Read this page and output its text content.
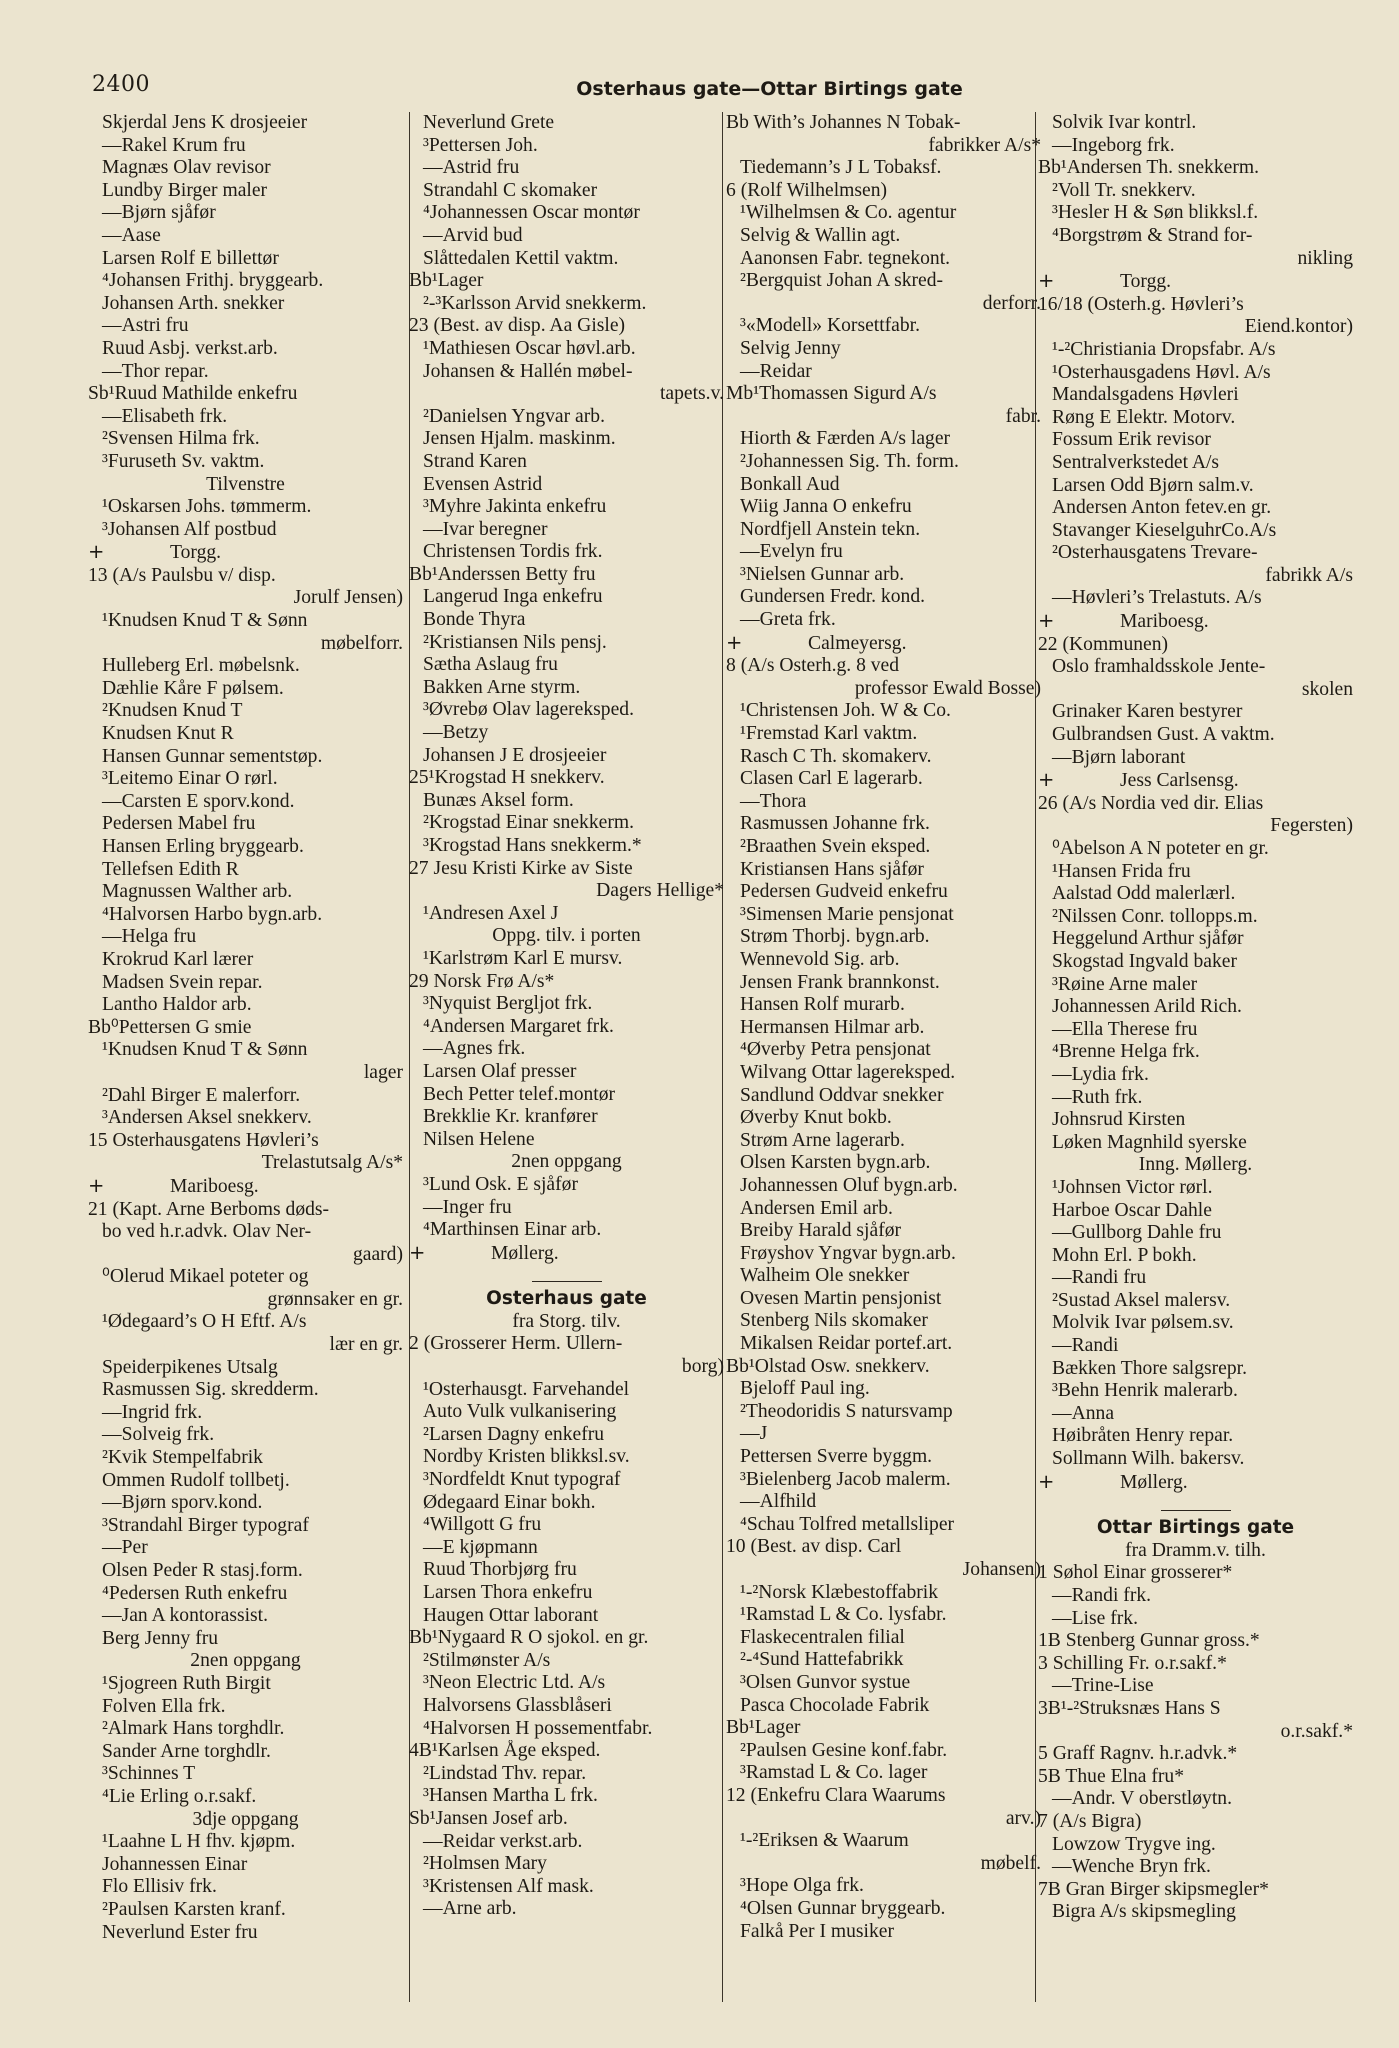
2400	Osterhaus gate—Ottar Birtings gate
Skjerdal Jens K drosjeeier
—Rakel Krum fru
Magnæs Olav revisor
Lundby Birger maler
—Bjørn sjåfør
—Aase
Larsen Rolf E billettør
⁴Johansen Frithj. bryggearb.
Johansen Arth. snekker
—Astri fru
Ruud Asbj. verkst.arb.
—Thor repar.
Sb¹Ruud Mathilde enkefru
—Elisabeth frk.
²Svensen Hilma frk.
³Furuseth Sv. vaktm.
Tilvenstre
¹Oskarsen Johs. tømmerm.
³Johansen Alf postbud
+	Torgg.
13 (A/s Paulsbu v/ disp.
Jorulf Jensen)
¹Knudsen Knud T & Sønn
møbelforr.
Hulleberg Erl. møbelsnk.
Dæhlie Kåre F pølsem.
²Knudsen Knud T
Knudsen Knut R
Hansen Gunnar sementstøp.
³Leitemo Einar O rørl.
—Carsten E sporv.kond.
Pedersen Mabel fru
Hansen Erling bryggearb.
Tellefsen Edith R
Magnussen Walther arb.
⁴Halvorsen Harbo bygn.arb.
—Helga fru
Krokrud Karl lærer
Madsen Svein repar.
Lantho Haldor arb.
Bb⁰Pettersen G smie
¹Knudsen Knud T & Sønn
lager
²Dahl Birger E malerforr.
³Andersen Aksel snekkerv.
15 Osterhausgatens Høvleri’s
Trelastutsalg A/s*
+	Mariboesg.
21 (Kapt. Arne Berboms døds-
bo ved h.r.advk. Olav Ner-
gaard)
⁰Olerud Mikael poteter og
grønnsaker en gr.
¹Ødegaard’s O H Eftf. A/s
lær en gr.
Speiderpikenes Utsalg
Rasmussen Sig. skredderm.
—Ingrid frk.
—Solveig frk.
²Kvik Stempelfabrik
Ommen Rudolf tollbetj.
—Bjørn sporv.kond.
³Strandahl Birger typograf
—Per
Olsen Peder R stasj.form.
⁴Pedersen Ruth enkefru
—Jan A kontorassist.
Berg Jenny fru
2nen oppgang
¹Sjogreen Ruth Birgit
Folven Ella frk.
²Almark Hans torghdlr.
Sander Arne torghdlr.
³Schinnes T
⁴Lie Erling o.r.sakf.
3dje oppgang
¹Laahne L H fhv. kjøpm.
Johannessen Einar
Flo Ellisiv frk.
²Paulsen Karsten kranf.
Neverlund Ester fru
Neverlund Grete
³Pettersen Joh.
—Astrid fru
Strandahl C skomaker
⁴Johannessen Oscar montør
—Arvid bud
Slåttedalen Kettil vaktm.
Bb¹Lager
²-³Karlsson Arvid snekkerm.
23 (Best. av disp. Aa Gisle)
¹Mathiesen Oscar høvl.arb.
Johansen & Hallén møbel-
tapets.v.
²Danielsen Yngvar arb.
Jensen Hjalm. maskinm.
Strand Karen
Evensen Astrid
³Myhre Jakinta enkefru
—Ivar beregner
Christensen Tordis frk.
Bb¹Anderssen Betty fru
Langerud Inga enkefru
Bonde Thyra
²Kristiansen Nils pensj.
Sætha Aslaug fru
Bakken Arne styrm.
³Øvrebø Olav lagereksped.
—Betzy
Johansen J E drosjeeier
25¹Krogstad H snekkerv.
Bunæs Aksel form.
²Krogstad Einar snekkerm.
³Krogstad Hans snekkerm.*
27 Jesu Kristi Kirke av Siste
Dagers Hellige*
¹Andresen Axel J
Oppg. tilv. i porten
¹Karlstrøm Karl E mursv.
29 Norsk Frø A/s*
³Nyquist Bergljot frk.
⁴Andersen Margaret frk.
—Agnes frk.
Larsen Olaf presser
Bech Petter telef.montør
Brekklie Kr. kranfører
Nilsen Helene
2nen oppgang
³Lund Osk. E sjåfør
—Inger fru
⁴Marthinsen Einar arb.
+	Møllerg.
Osterhaus gate
fra Storg. tilv.
2 (Grosserer Herm. Ullern-
borg)
¹Osterhausgt. Farvehandel
Auto Vulk vulkanisering
²Larsen Dagny enkefru
Nordby Kristen blikksl.sv.
³Nordfeldt Knut typograf
Ødegaard Einar bokh.
⁴Willgott G fru
—E kjøpmann
Ruud Thorbjørg fru
Larsen Thora enkefru
Haugen Ottar laborant
Bb¹Nygaard R O sjokol. en gr.
²Stilmønster A/s
³Neon Electric Ltd. A/s
Halvorsens Glassblåseri
⁴Halvorsen H possementfabr.
4B¹Karlsen Åge eksped.
²Lindstad Thv. repar.
³Hansen Martha L frk.
Sb¹Jansen Josef arb.
—Reidar verkst.arb.
²Holmsen Mary
³Kristensen Alf mask.
—Arne arb.
Bb With’s Johannes N Tobak-
fabrikker A/s*
Tiedemann’s J L Tobaksf.
6 (Rolf Wilhelmsen)
¹Wilhelmsen & Co. agentur
Selvig & Wallin agt.
Aanonsen Fabr. tegnekont.
²Bergquist Johan A skred-
derforr.
³«Modell» Korsettfabr.
Selvig Jenny
—Reidar
Mb¹Thomassen Sigurd A/s
fabr.
Hiorth & Færden A/s lager
²Johannessen Sig. Th. form.
Bonkall Aud
Wiig Janna O enkefru
Nordfjell Anstein tekn.
—Evelyn fru
³Nielsen Gunnar arb.
Gundersen Fredr. kond.
—Greta frk.
+	Calmeyersg.
8 (A/s Osterh.g. 8 ved
professor Ewald Bosse)
¹Christensen Joh. W & Co.
¹Fremstad Karl vaktm.
Rasch C Th. skomakerv.
Clasen Carl E lagerarb.
—Thora
Rasmussen Johanne frk.
²Braathen Svein eksped.
Kristiansen Hans sjåfør
Pedersen Gudveid enkefru
³Simensen Marie pensjonat
Strøm Thorbj. bygn.arb.
Wennevold Sig. arb.
Jensen Frank brannkonst.
Hansen Rolf murarb.
Hermansen Hilmar arb.
⁴Øverby Petra pensjonat
Wilvang Ottar lagereksped.
Sandlund Oddvar snekker
Øverby Knut bokb.
Strøm Arne lagerarb.
Olsen Karsten bygn.arb.
Johannessen Oluf bygn.arb.
Andersen Emil arb.
Breiby Harald sjåfør
Frøyshov Yngvar bygn.arb.
Walheim Ole snekker
Ovesen Martin pensjonist
Stenberg Nils skomaker
Mikalsen Reidar portef.art.
Bb¹Olstad Osw. snekkerv.
Bjeloff Paul ing.
²Theodoridis S natursvamp
—J
Pettersen Sverre byggm.
³Bielenberg Jacob malerm.
—Alfhild
⁴Schau Tolfred metallsliper
10 (Best. av disp. Carl
Johansen)
¹-²Norsk Klæbestoffabrik
¹Ramstad L & Co. lysfabr.
Flaskecentralen filial
²-⁴Sund Hattefabrikk
³Olsen Gunvor systue
Pasca Chocolade Fabrik
Bb¹Lager
²Paulsen Gesine konf.fabr.
³Ramstad L & Co. lager
12 (Enkefru Clara Waarums
arv.)
¹-²Eriksen & Waarum
møbelf.
³Hope Olga frk.
⁴Olsen Gunnar bryggearb.
Falkå Per I musiker
Solvik Ivar kontrl.
—Ingeborg frk.
Bb¹Andersen Th. snekkerm.
²Voll Tr. snekkerv.
³Hesler H & Søn blikksl.f.
⁴Borgstrøm & Strand for-
nikling
+	Torgg.
16/18 (Osterh.g. Høvleri’s
Eiend.kontor)
¹-²Christiania Dropsfabr. A/s
¹Osterhausgadens Høvl. A/s
Mandalsgadens Høvleri
Røng E Elektr. Motorv.
Fossum Erik revisor
Sentralverkstedet A/s
Larsen Odd Bjørn salm.v.
Andersen Anton fetev.en gr.
Stavanger KieselguhrCo.A/s
²Osterhausgatens Trevare-
fabrikk A/s
—Høvleri’s Trelastuts. A/s
+	Mariboesg.
22 (Kommunen)
Oslo framhaldsskole Jente-
skolen
Grinaker Karen bestyrer
Gulbrandsen Gust. A vaktm.
—Bjørn laborant
+	Jess Carlsensg.
26 (A/s Nordia ved dir. Elias
Fegersten)
⁰Abelson A N poteter en gr.
¹Hansen Frida fru
Aalstad Odd malerlærl.
²Nilssen Conr. tollopps.m.
Heggelund Arthur sjåfør
Skogstad Ingvald baker
³Røine Arne maler
Johannessen Arild Rich.
—Ella Therese fru
⁴Brenne Helga frk.
—Lydia frk.
—Ruth frk.
Johnsrud Kirsten
Løken Magnhild syerske
Inng. Møllerg.
¹Johnsen Victor rørl.
Harboe Oscar Dahle
—Gullborg Dahle fru
Mohn Erl. P bokh.
—Randi fru
²Sustad Aksel malersv.
Molvik Ivar pølsem.sv.
—Randi
Bækken Thore salgsrepr.
³Behn Henrik malerarb.
—Anna
Høibråten Henry repar.
Sollmann Wilh. bakersv.
+	Møllerg.
Ottar Birtings gate
fra Dramm.v. tilh.
1 Søhol Einar grosserer*
—Randi frk.
—Lise frk.
1B Stenberg Gunnar gross.*
3 Schilling Fr. o.r.sakf.*
—Trine-Lise
3B¹-²Struksnæs Hans S
o.r.sakf.*
5 Graff Ragnv. h.r.advk.*
5B Thue Elna fru*
—Andr. V oberstløytn.
7 (A/s Bigra)
Lowzow Trygve ing.
—Wenche Bryn frk.
7B Gran Birger skipsmegler*
Bigra A/s skipsmegling
